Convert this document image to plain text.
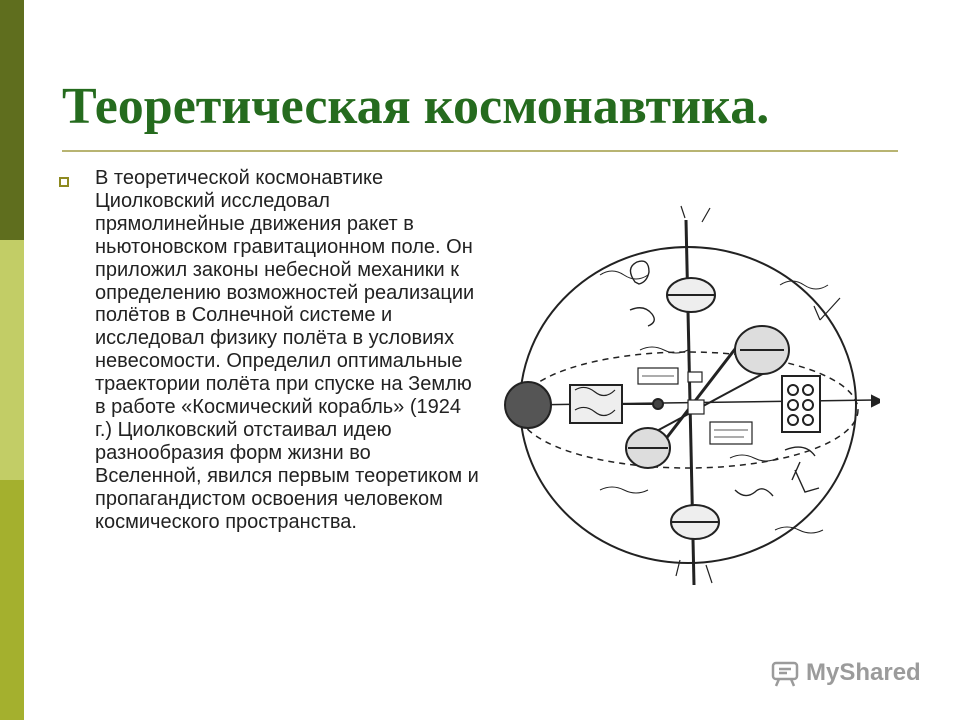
Теоретическая космонавтика.

В теоретической космонавтике Циолковский исследовал прямолинейные движения ракет в ньютоновском гравитационном поле. Он приложил законы небесной механики к определению возможностей реализации полётов в Солнечной системе и исследовал физику полёта в условиях невесомости. Определил оптимальные траектории полёта при спуске на Землю в работе «Космический корабль» (1924 г.) Циолковский отстаивал идею разнообразия форм жизни во Вселенной, явился первым теоретиком и пропагандистом освоения человеком космического пространства.

MyShared
